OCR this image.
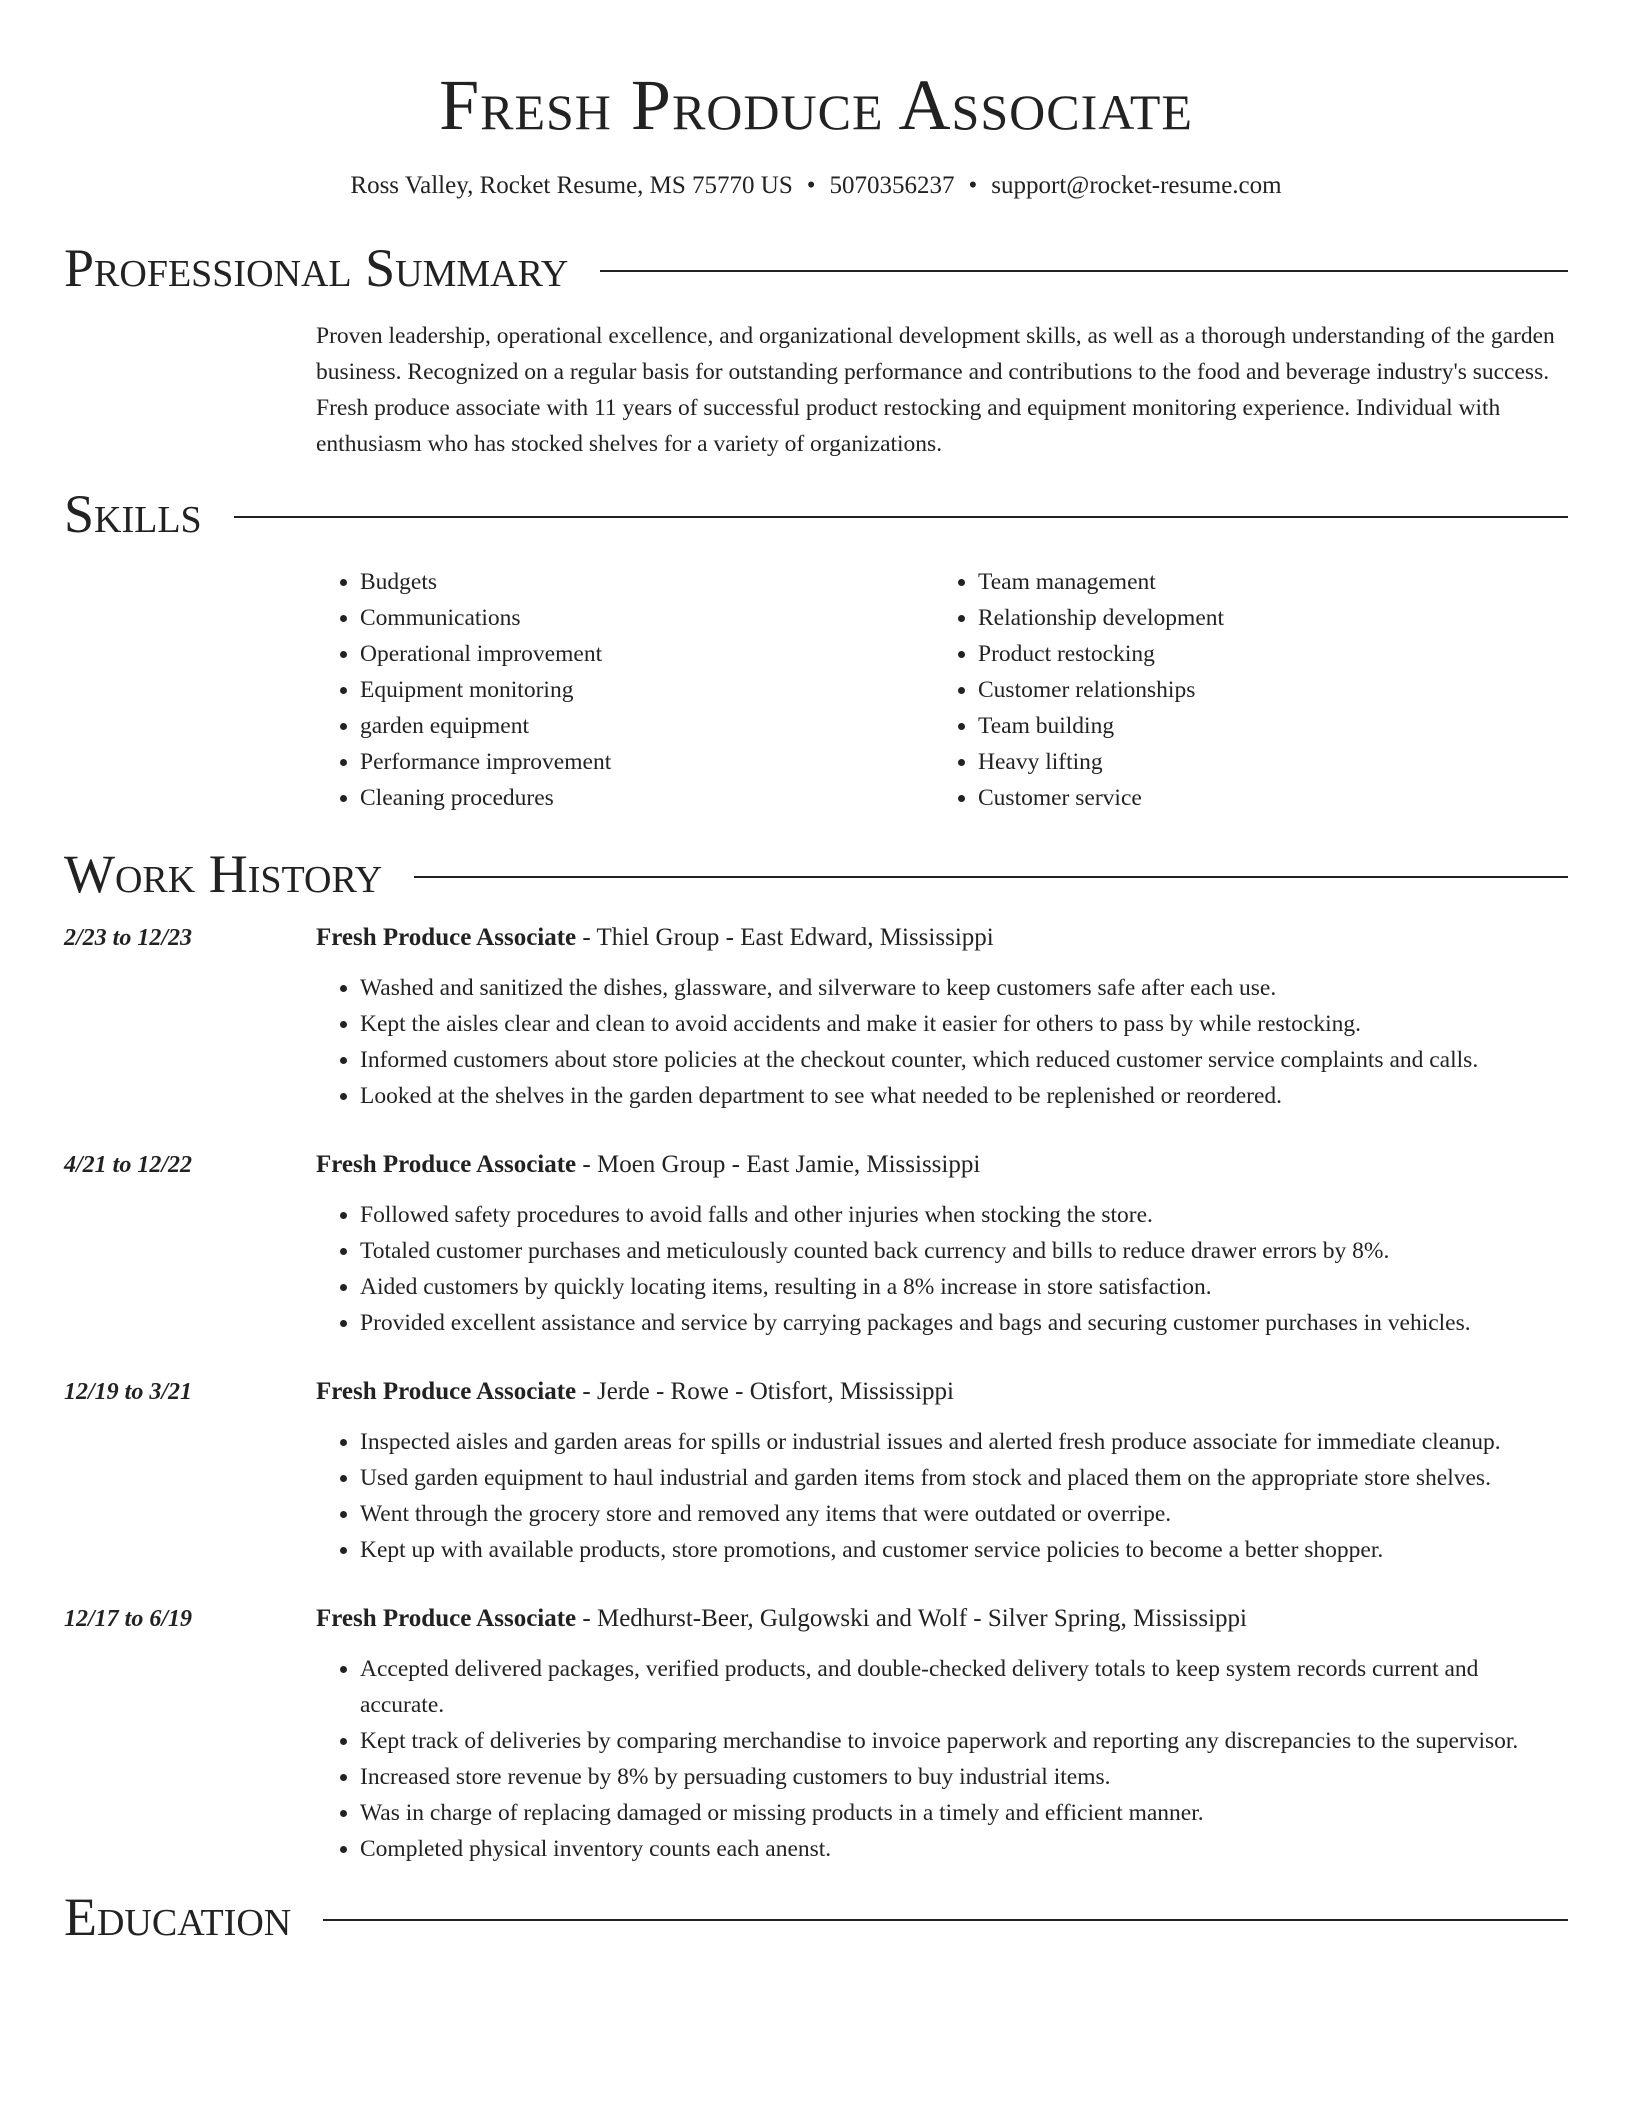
Fresh Produce Associate
Ross Valley, Rocket Resume, MS 75770 US • 5070356237 • support@rocket-resume.com
Professional Summary

Proven leadership, operational excellence, and organizational development skills, as well as a thorough understanding of the garden business. Recognized on a regular basis for outstanding performance and contributions to the food and beverage industry's success. Fresh produce associate with 11 years of successful product restocking and equipment monitoring experience. Individual with enthusiasm who has stocked shelves for a variety of organizations.

Skills
• Budgets
• Communications
• Operational improvement
• Equipment monitoring
• garden equipment
• Performance improvement
• Cleaning procedures
• Team management
• Relationship development
• Product restocking
• Customer relationships
• Team building
• Heavy lifting
• Customer service
Work History
2/23 to 12/23	Fresh Produce Associate - Thiel Group - East Edward, Mississippi
• Washed and sanitized the dishes, glassware, and silverware to keep customers safe after each use.
• Kept the aisles clear and clean to avoid accidents and make it easier for others to pass by while restocking.
• Informed customers about store policies at the checkout counter, which reduced customer service complaints and calls.
• Looked at the shelves in the garden department to see what needed to be replenished or reordered.
4/21 to 12/22	Fresh Produce Associate - Moen Group - East Jamie, Mississippi
• Followed safety procedures to avoid falls and other injuries when stocking the store.
• Totaled customer purchases and meticulously counted back currency and bills to reduce drawer errors by 8%.
• Aided customers by quickly locating items, resulting in a 8% increase in store satisfaction.
• Provided excellent assistance and service by carrying packages and bags and securing customer purchases in vehicles.
12/19 to 3/21	Fresh Produce Associate - Jerde - Rowe - Otisfort, Mississippi
• Inspected aisles and garden areas for spills or industrial issues and alerted fresh produce associate for immediate cleanup.
• Used garden equipment to haul industrial and garden items from stock and placed them on the appropriate store shelves.
• Went through the grocery store and removed any items that were outdated or overripe.
• Kept up with available products, store promotions, and customer service policies to become a better shopper.
12/17 to 6/19	Fresh Produce Associate - Medhurst-Beer, Gulgowski and Wolf - Silver Spring, Mississippi
• Accepted delivered packages, verified products, and double-checked delivery totals to keep system records current and accurate.
• Kept track of deliveries by comparing merchandise to invoice paperwork and reporting any discrepancies to the supervisor.
• Increased store revenue by 8% by persuading customers to buy industrial items.
• Was in charge of replacing damaged or missing products in a timely and efficient manner.
• Completed physical inventory counts each anenst.
Education
